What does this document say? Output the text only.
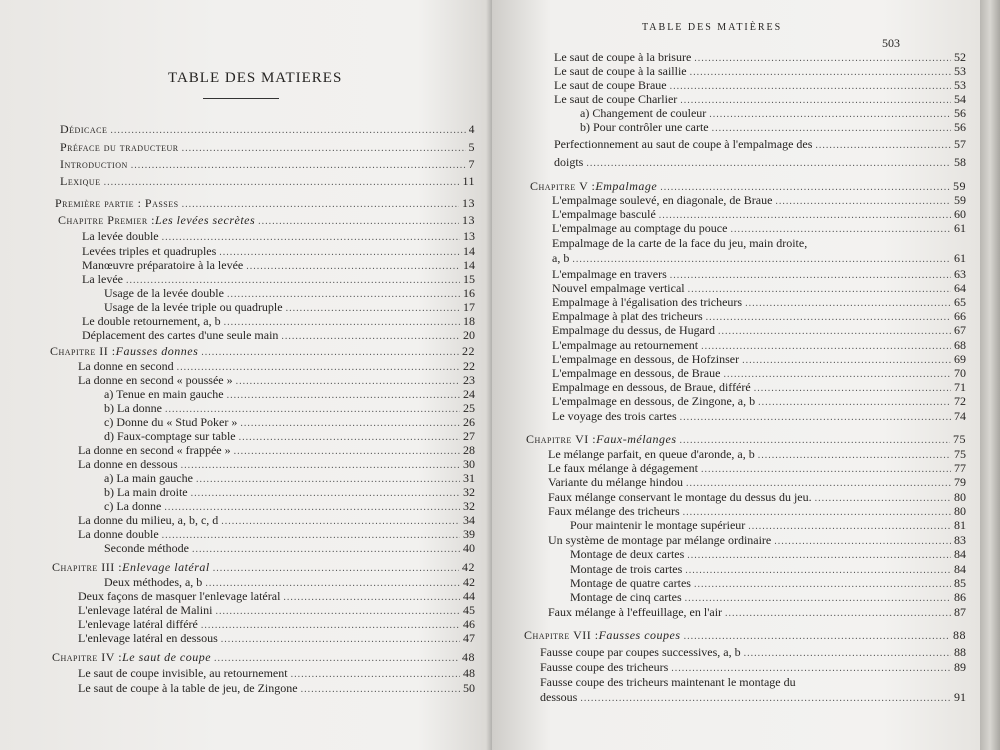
TABLE DES MATIERES
Dédicace .....	4
Préface du traducteur .....	5
Introduction .....	7
Lexique .....	11
Première partie : Passes .....	13
Chapitre Premier : Les levées secrètes .....	13
La levée double .....	13
Levées triples et quadruples .....	14
Manœuvre préparatoire à la levée .....	14
La levée .....	15
Usage de la levée double .....	16
Usage de la levée triple ou quadruple .....	17
Le double retournement, a, b .....	18
Déplacement des cartes d'une seule main .....	20
Chapitre II : Fausses donnes .....	22
La donne en second .....	22
La donne en second « poussée » .....	23
a) Tenue en main gauche .....	24
b) La donne .....	25
c) Donne du « Stud Poker » .....	26
d) Faux-comptage sur table .....	27
La donne en second « frappée » .....	28
La donne en dessous .....	30
a) La main gauche .....	31
b) La main droite .....	32
c) La donne .....	32
La donne du milieu, a, b, c, d .....	34
La donne double .....	39
Seconde méthode .....	40
Chapitre III : Enlevage latéral .....	42
Deux méthodes, a, b .....	42
Deux façons de masquer l'enlevage latéral .....	44
L'enlevage latéral de Malini .....	45
L'enlevage latéral différé .....	46
L'enlevage latéral en dessous .....	47
Chapitre IV : Le saut de coupe .....	48
Le saut de coupe invisible, au retournement .....	48
Le saut de coupe à la table de jeu, de Zingone .....	50
TABLE DES MATIÈRES
503
Le saut de coupe à la brisure .....	52
Le saut de coupe à la saillie .....	53
Le saut de coupe Braue .....	53
Le saut de coupe Charlier .....	54
a) Changement de couleur .....	56
b) Pour contrôler une carte .....	56
Perfectionnement au saut de coupe à l'empalmage des .....	57
doigts .....	58
Chapitre V : Empalmage .....	59
L'empalmage soulevé, en diagonale, de Braue .....	59
L'empalmage basculé .....	60
L'empalmage au comptage du pouce .....	61
Empalmage de la carte de la face du jeu, main droite,
a, b .....	61
L'empalmage en travers .....	63
Nouvel empalmage vertical .....	64
Empalmage à l'égalisation des tricheurs .....	65
Empalmage à plat des tricheurs .....	66
Empalmage du dessus, de Hugard .....	67
L'empalmage au retournement .....	68
L'empalmage en dessous, de Hofzinser .....	69
L'empalmage en dessous, de Braue .....	70
Empalmage en dessous, de Braue, différé .....	71
L'empalmage en dessous, de Zingone, a, b .....	72
Le voyage des trois cartes .....	74
Chapitre VI : Faux-mélanges .....	75
Le mélange parfait, en queue d'aronde, a, b .....	75
Le faux mélange à dégagement .....	77
Variante du mélange hindou .....	79
Faux mélange conservant le montage du dessus du jeu. .....	80
Faux mélange des tricheurs .....	80
Pour maintenir le montage supérieur .....	81
Un système de montage par mélange ordinaire .....	83
Montage de deux cartes .....	84
Montage de trois cartes .....	84
Montage de quatre cartes .....	85
Montage de cinq cartes .....	86
Faux mélange à l'effeuillage, en l'air .....	87
Chapitre VII : Fausses coupes .....	88
Fausse coupe par coupes successives, a, b .....	88
Fausse coupe des tricheurs .....	89
Fausse coupe des tricheurs maintenant le montage du
dessous .....	91
